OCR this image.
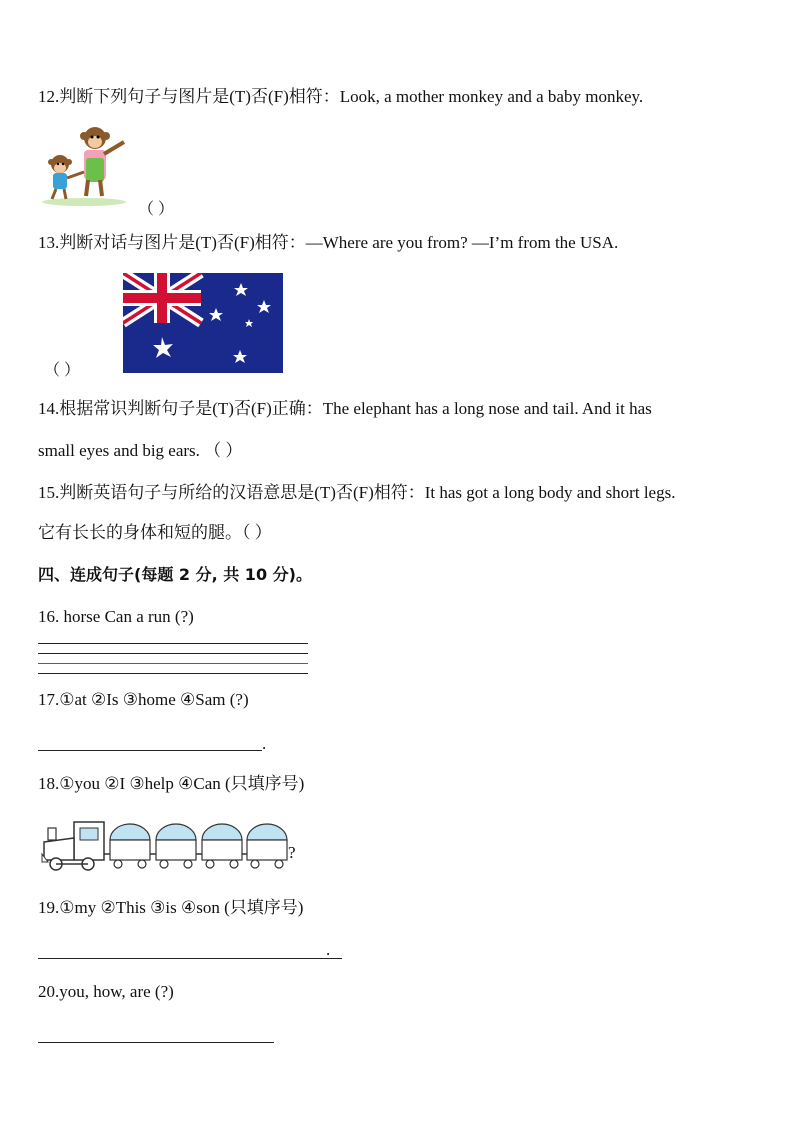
12.判断下列句子与图片是(T)否(F)相符：Look, a mother monkey and a baby monkey.
（ ）
13.判断对话与图片是(T)否(F)相符：—Where are you from? —I’m from the USA.
（ ）
14.根据常识判断句子是(T)否(F)正确：The elephant has a long nose and tail. And it has
small eyes and big ears. （ ）
15.判断英语句子与所给的汉语意思是(T)否(F)相符：It has got a long body and short legs.
它有长长的身体和短的腿。（ ）
四、连成句子(每题 2 分, 共 10 分)。
16. horse Can a run (?)
17.①at ②Is ③home ④Sam (?)
.
18.①you ②I ③help ④Can (只填序号)
?
19.①my ②This ③is ④son (只填序号)
.
20.you, how, are (?)
